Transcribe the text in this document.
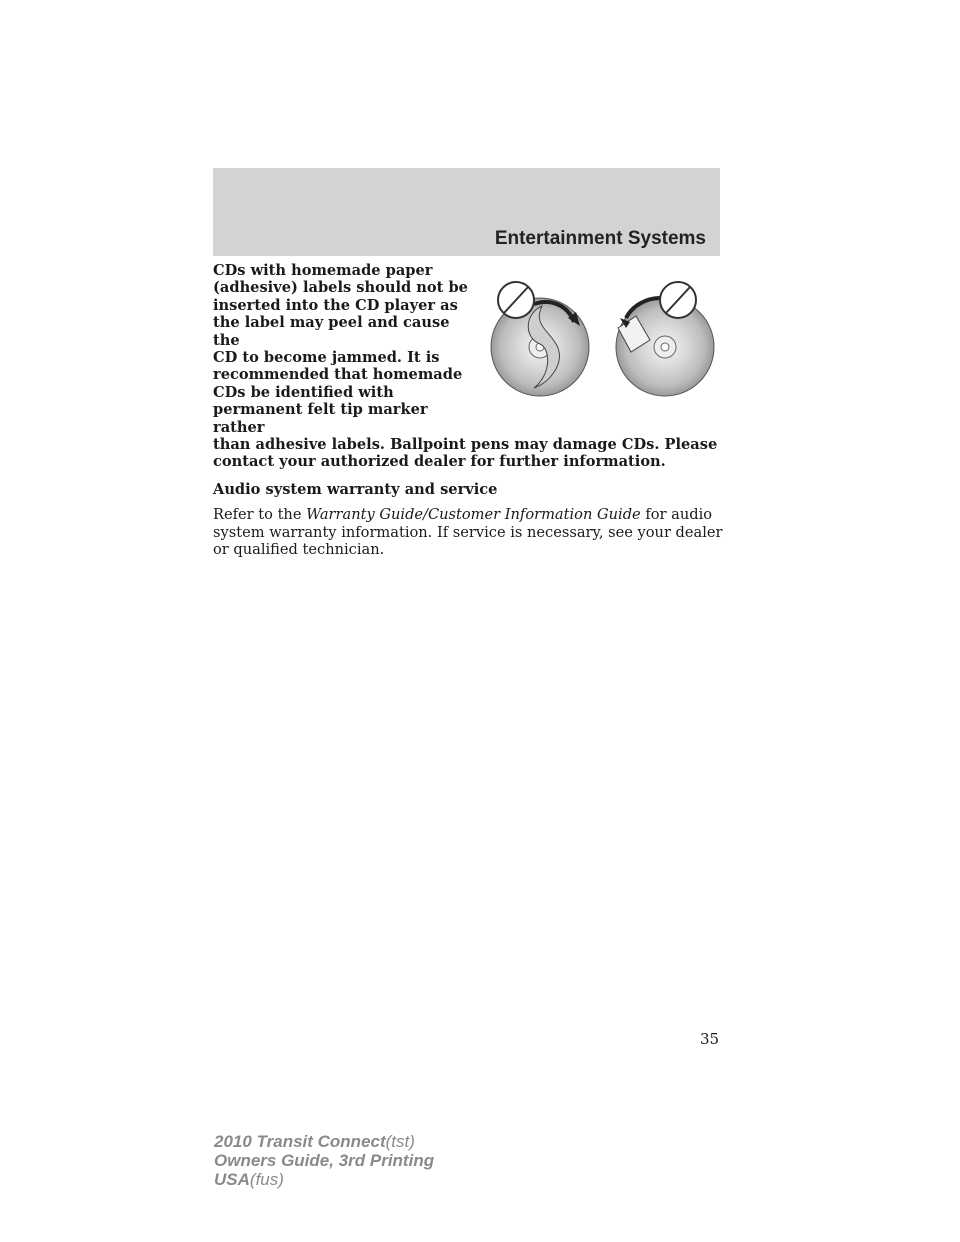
Entertainment Systems
CDs with homemade paper
(adhesive) labels should not be
inserted into the CD player as
the label may peel and cause the
CD to become jammed. It is
recommended that homemade
CDs be identified with
permanent felt tip marker rather
than adhesive labels. Ballpoint pens may damage CDs. Please
contact your authorized dealer for further information.
Audio system warranty and service
Refer to the Warranty Guide/Customer Information Guide for audio system warranty information. If service is necessary, see your dealer or qualified technician.
35
2010 Transit Connect(tst)
Owners Guide, 3rd Printing
USA(fus)
